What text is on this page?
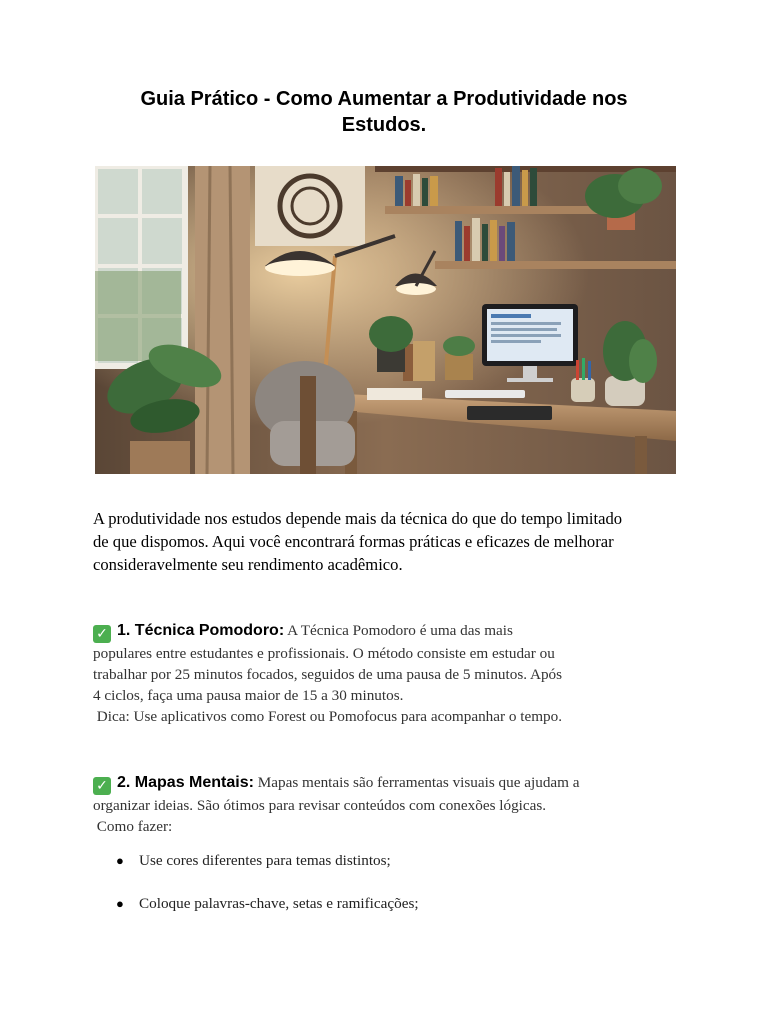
Guia Prático - Como Aumentar a Produtividade nos
Estudos.
A produtividade nos estudos depende mais da técnica do que do tempo limitado
de que dispomos. Aqui você encontrará formas práticas e eficazes de melhorar
consideravelmente seu rendimento acadêmico.
✓ 1. Técnica Pomodoro: A Técnica Pomodoro é uma das mais
populares entre estudantes e profissionais. O método consiste em estudar ou
trabalhar por 25 minutos focados, seguidos de uma pausa de 5 minutos. Após
4 ciclos, faça uma pausa maior de 15 a 30 minutos.
Dica: Use aplicativos como Forest ou Pomofocus para acompanhar o tempo.
✓ 2. Mapas Mentais: Mapas mentais são ferramentas visuais que ajudam a
organizar ideias. São ótimos para revisar conteúdos com conexões lógicas.
Como fazer:
● Use cores diferentes para temas distintos;
● Coloque palavras-chave, setas e ramificações;
